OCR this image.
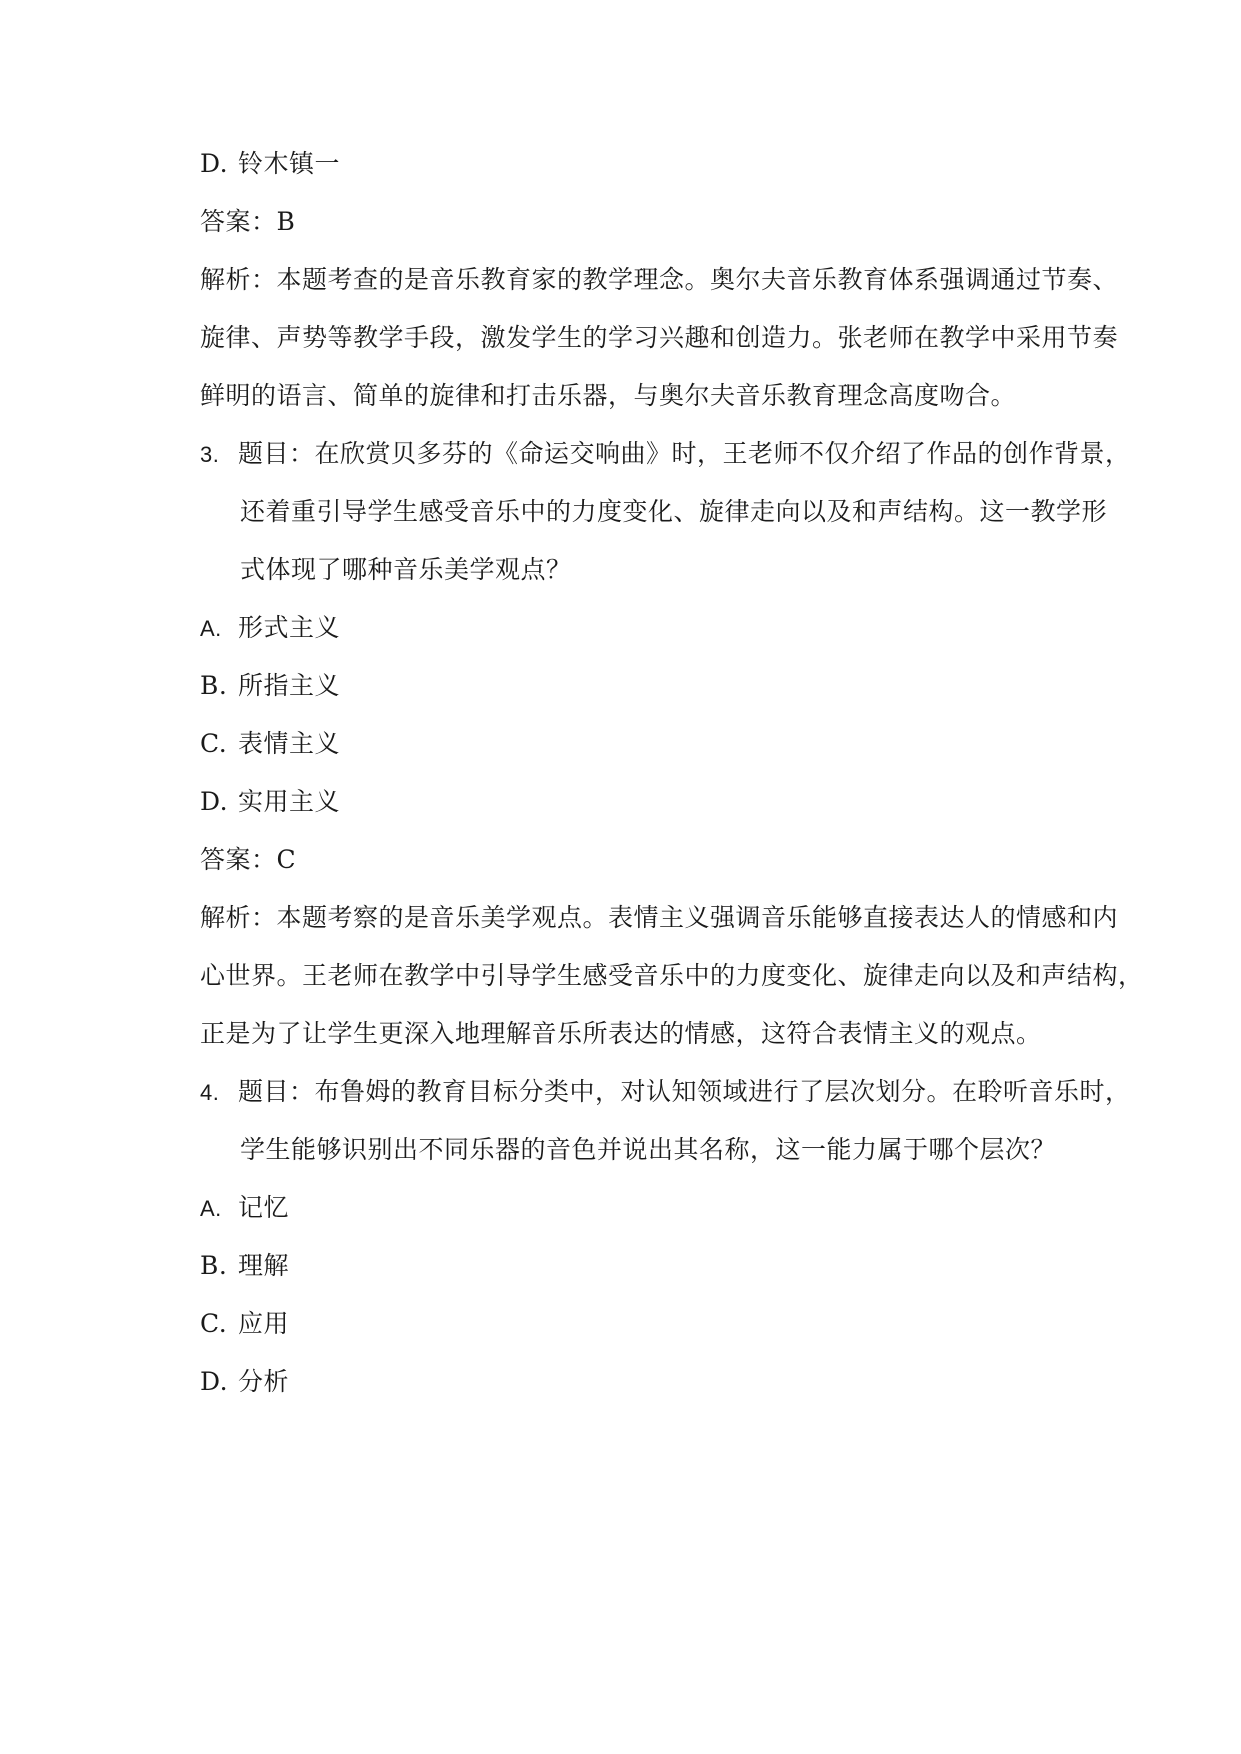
D. 铃木镇一
答案：B
解析：本题考查的是音乐教育家的教学理念。奥尔夫音乐教育体系强调通过节奏、
旋律、声势等教学手段，激发学生的学习兴趣和创造力。张老师在教学中采用节奏
鲜明的语言、简单的旋律和打击乐器，与奥尔夫音乐教育理念高度吻合。
3. 题目：在欣赏贝多芬的《命运交响曲》时，王老师不仅介绍了作品的创作背景，
还着重引导学生感受音乐中的力度变化、旋律走向以及和声结构。这一教学形
式体现了哪种音乐美学观点？
A. 形式主义
B. 所指主义
C. 表情主义
D. 实用主义
答案：C
解析：本题考察的是音乐美学观点。表情主义强调音乐能够直接表达人的情感和内
心世界。王老师在教学中引导学生感受音乐中的力度变化、旋律走向以及和声结构，
正是为了让学生更深入地理解音乐所表达的情感，这符合表情主义的观点。
4. 题目：布鲁姆的教育目标分类中，对认知领域进行了层次划分。在聆听音乐时，
学生能够识别出不同乐器的音色并说出其名称，这一能力属于哪个层次？
A. 记忆
B. 理解
C. 应用
D. 分析
